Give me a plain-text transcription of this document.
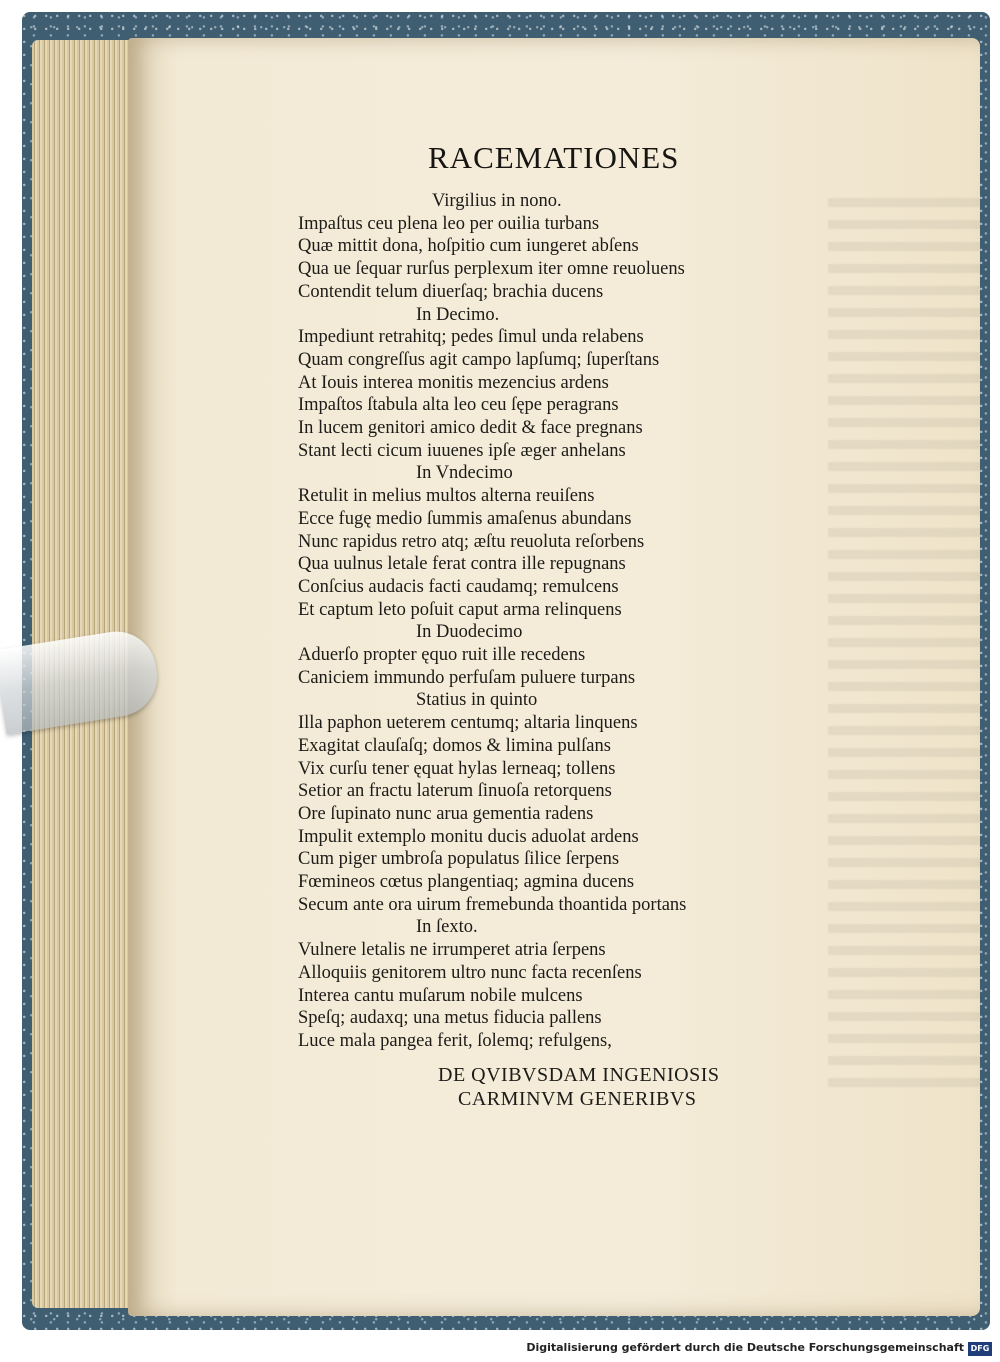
RACEMATIONES
Virgilius in nono.
Impaſtus ceu plena leo per ouilia turbans
Quæ mittit dona, hoſpitio cum iungeret abſens
Qua ue ſequar rurſus perplexum iter omne reuoluens
Contendit telum diuerſaq; brachia ducens
In Decimo.
Impediunt retrahitq; pedes ſimul unda relabens
Quam congreſſus agit campo lapſumq; ſuperſtans
At Iouis interea monitis mezencius ardens
Impaſtos ſtabula alta leo ceu ſępe peragrans
In lucem genitori amico dedit & face pregnans
Stant lecti cicum iuuenes ipſe æger anhelans
In Vndecimo
Retulit in melius multos alterna reuiſens
Ecce fugę medio ſummis amaſenus abundans
Nunc rapidus retro atq; æſtu reuoluta reſorbens
Qua uulnus letale ferat contra ille repugnans
Conſcius audacis facti caudamq; remulcens
Et captum leto poſuit caput arma relinquens
In Duodecimo
Aduerſo propter ęquo ruit ille recedens
Caniciem immundo perfuſam puluere turpans
Statius in quinto
Illa paphon ueterem centumq; altaria linquens
Exagitat clauſaſq; domos & limina pulſans
Vix curſu tener ęquat hylas lerneaq; tollens
Setior an fractu laterum ſinuoſa retorquens
Ore ſupinato nunc arua gementia radens
Impulit extemplo monitu ducis aduolat ardens
Cum piger umbroſa populatus ſilice ſerpens
Fœmineos cœtus plangentiaq; agmina ducens
Secum ante ora uirum fremebunda thoantida portans
In ſexto.
Vulnere letalis ne irrumperet atria ſerpens
Alloquiis genitorem ultro nunc facta recenſens
Interea cantu muſarum nobile mulcens
Speſq; audaxq; una metus fiducia pallens
Luce mala pangea ferit, ſolemq; refulgens,
DE QVIBVSDAM INGENIOSIS
CARMINVM GENERIBVS
Digitalisierung gefördert durch die Deutsche Forschungsgemeinschaft DFG
